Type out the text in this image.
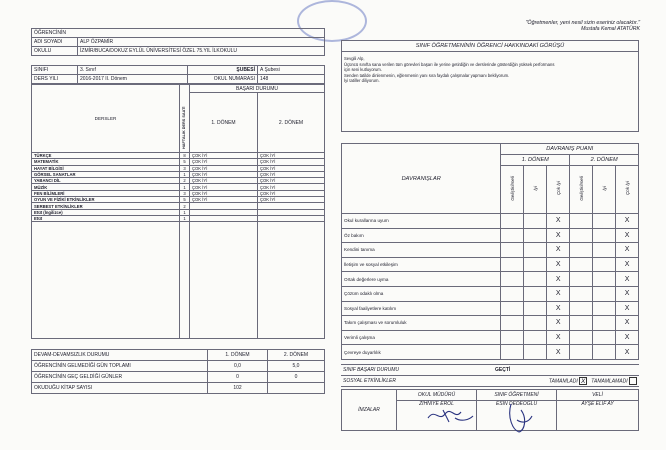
ÖĞRENCİNİN	
ADI SOYADI	ALP ÖZPAMİR
OKULU	İZMİR/BUCA/DOKUZ EYLÜL ÜNİVERSİTESİ ÖZEL 75.YIL İLKOKULU
SINIFI	3. Sınıf	ŞUBESİ	A Şubesi
DERS YILI	2016-2017 II. Dönem	OKUL NUMARASI	148
DERSLER	HAFTALIK DERS SAATİ	BAŞARI DURUMU	
		1. DÖNEM	2. DÖNEM
TÜRKÇE	8	ÇOK İYİ	ÇOK İYİ
MATEMATİK	5	ÇOK İYİ	ÇOK İYİ
HAYAT BİLGİSİ	3	ÇOK İYİ	ÇOK İYİ
GÖRSEL SANATLAR	1	ÇOK İYİ	ÇOK İYİ
YABANCI DİL	2	ÇOK İYİ	ÇOK İYİ
MÜZİK	1	ÇOK İYİ	ÇOK İYİ
FEN BİLİMLERİ	3	ÇOK İYİ	ÇOK İYİ
OYUN VE FİZİKİ ETKİNLİKLER	5	ÇOK İYİ	ÇOK İYİ
SERBEST ETKİNLİKLER	2		
Etüt (İngilizce)	1		
Etüt	1		

DEVAM-DEVAMSIZLIK DURUMU	1. DÖNEM	2. DÖNEM
ÖĞRENCİNİN GELMEDİĞİ GÜN TOPLAMI	0,0	5,0
ÖĞRENCİNİN GEÇ GELDİĞİ GÜNLER	0	0
OKUDUĞU KİTAP SAYISI	102	
"Öğretmenler, yeni nesil sizin eseriniz olacaktır."
Mustafa Kemal ATATÜRK
SINIF ÖĞRETMENİNİN ÖĞRENCİ HAKKINDAKİ GÖRÜŞÜ

Sevgili Alp,
Üçüncü sınıfta sana verilen tüm görevleri başarı ile yerine getirdiğin ve derslerinde gösterdiğin yüksek performans
için seni kutluyorum.
Senden tatilde dinlenmenin, eğlenmenin yanı sıra faydalı çalışmalar yapmanı bekliyorum.
İyi tatiller diliyorum.
DAVRANIŞLAR	DAVRANIŞ PUANI					
	1. DÖNEM			2. DÖNEM		
	Geliştirilmeli	İyi	Çok İyi	Geliştirilmeli	İyi	Çok İyi
Okul kurallarına uyum			X			X
Öz bakım			X			X
Kendini tanıma			X			X
İletişim ve sosyal etkileşim			X			X
Ortak değerlere uyma			X			X
Çözüm odaklı olma			X			X
Sosyal faaliyetlere katılım			X			X
Takım çalışması ve sorumluluk			X			X
Verimli çalışma			X			X
Çevreye duyarlılık			X			X
SINIF BAŞARI DURUMU	GEÇTİ
SOSYAL ETKİNLİKLER	TAMAMLADI X TAMAMLAMADI
İMZALAR	OKUL MÜDÜRÜ	SINIF ÖĞRETMENİ	VELİ
	ZİHNİYE EROL	ESİN DEDEOĞLU	AYŞE ELİF AY
